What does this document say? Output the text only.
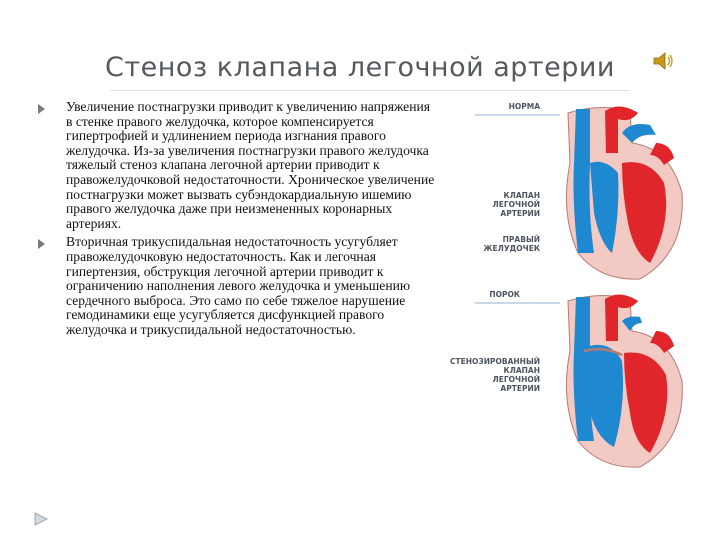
Стеноз клапана легочной артерии
Увеличение постнагрузки приводит к увеличению напряжения в стенке правого желудочка, которое компенсируется гипертрофией и удлинением периода изгнания правого желудочка. Из-за увеличения постнагрузки правого желудочка тяжелый стеноз клапана легочной артерии приводит к правожелудочковой недостаточности. Хроническое увеличение постнагрузки может вызвать субэндокардиальную ишемию правого желудочка даже при неизмененных коронарных артериях.
Вторичная трикуспидальная недостаточность усугубляет правожелудочковую недостаточность. Как и легочная гипертензия, обструкция легочной артерии приводит к ограничению наполнения левого желудочка и уменьшению сердечного выброса. Это само по себе тяжелое нарушение гемодинамики еще усугубляется дисфункцией правого желудочка и трикуспидальной недостаточностью.
НОРМА
КЛАПАН
ЛЕГОЧНОЙ
АРТЕРИИ
ПРАВЫЙ
ЖЕЛУДОЧЕК
ПОРОК
СТЕНОЗИРОВАННЫЙ
КЛАПАН
ЛЕГОЧНОЙ
АРТЕРИИ
